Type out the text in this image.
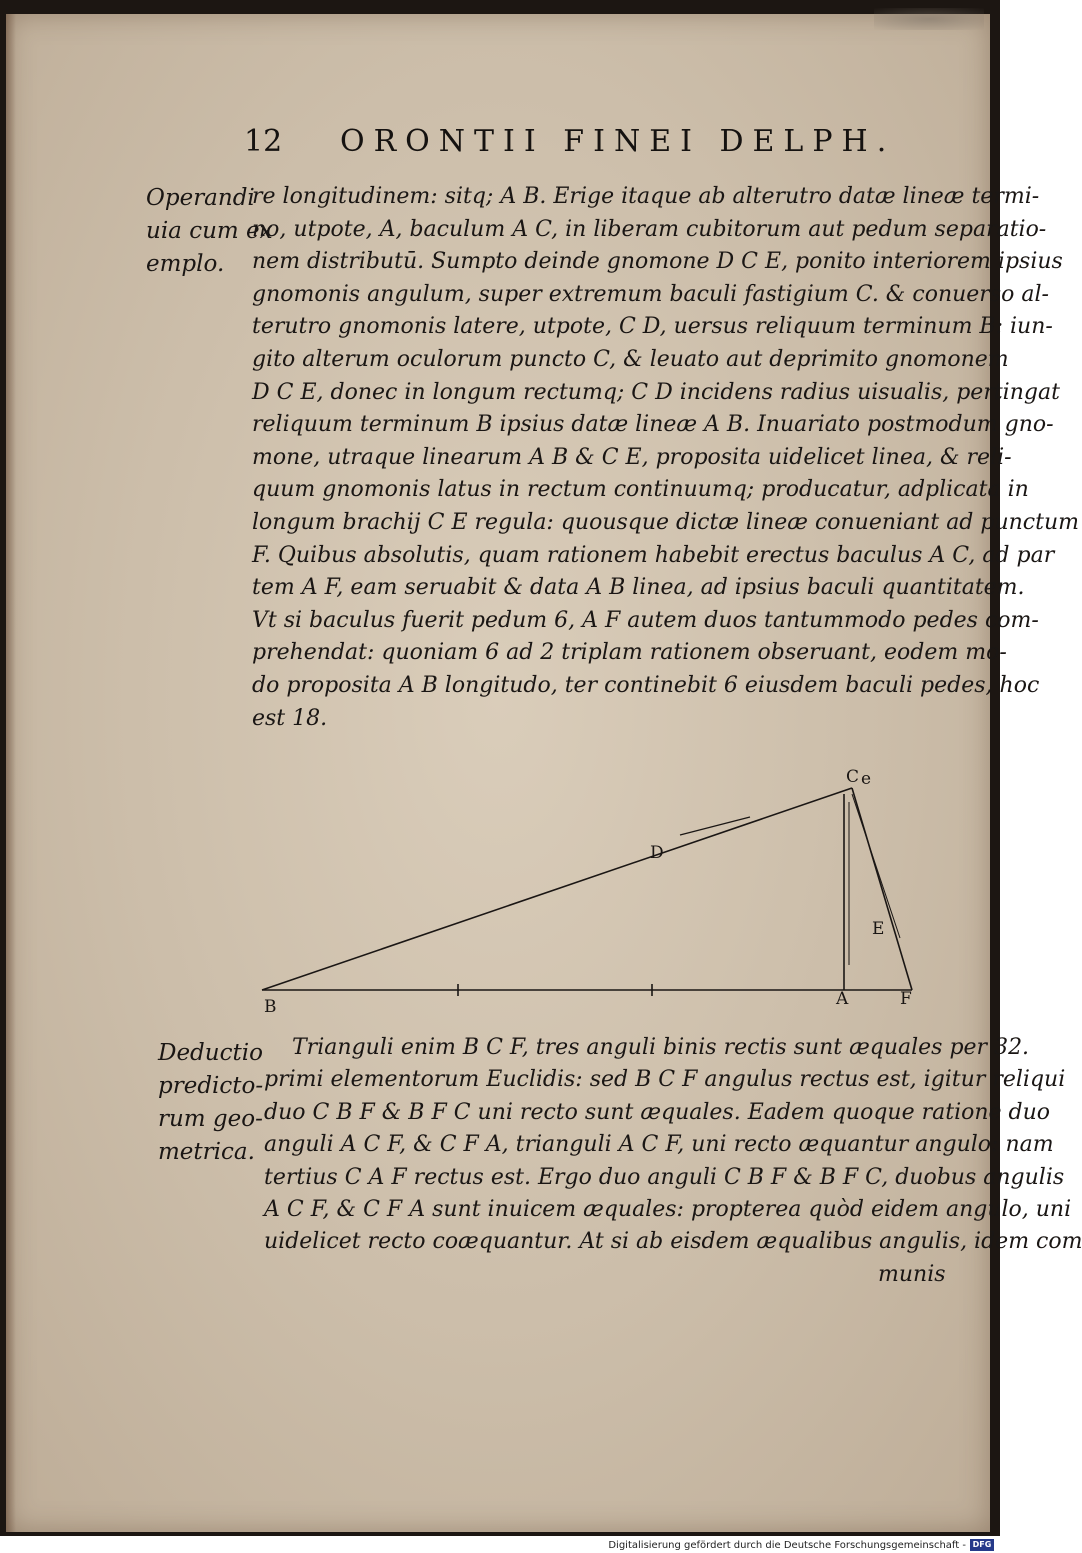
12 ORONTII FINEI DELPH.
Operandi
uia cum ex
emplo.
re longitudinem: sitq; A B. Erige itaque ab alterutro datæ lineæ termi-
no, utpote, A, baculum A C, in liberam cubitorum aut pedum separatio-
nem distributū. Sumpto deinde gnomone D C E, ponito interiorem ipsius
gnomonis angulum, super extremum baculi fastigium C. & conuerso al-
terutro gnomonis latere, utpote, C D, uersus reliquum terminum B: iun-
gito alterum oculorum puncto C, & leuato aut deprimito gnomonem
D C E, donec in longum rectumq; C D incidens radius uisualis, pertingat
reliquum terminum B ipsius datæ lineæ A B. Inuariato postmodum gno-
mone, utraque linearum A B & C E, proposita uidelicet linea, & reli-
quum gnomonis latus in rectum continuumq; producatur, adplicata in
longum brachij C E regula: quousque dictæ lineæ conueniant ad punctum
F. Quibus absolutis, quam rationem habebit erectus baculus A C, ad par
tem A F, eam seruabit & data A B linea, ad ipsius baculi quantitatem.
Vt si baculus fuerit pedum 6, A F autem duos tantummodo pedes com-
prehendat: quoniam 6 ad 2 triplam rationem obseruant, eodem mo-
do proposita A B longitudo, ter continebit 6 eiusdem baculi pedes, hoc
est 18.
C e
D
E
B	A	F
Deductio
predicto-
rum geo-
metrica.
Trianguli enim B C F, tres anguli binis rectis sunt æquales per 32.
primi elementorum Euclidis: sed B C F angulus rectus est, igitur reliqui
duo C B F & B F C uni recto sunt æquales. Eadem quoque ratione duo
anguli A C F, & C F A, trianguli A C F, uni recto æquantur angulo: nam
tertius C A F rectus est. Ergo duo anguli C B F & B F C, duobus angulis
A C F, & C F A sunt inuicem æquales: propterea quòd eidem angulo, uni
uidelicet recto coæquantur. At si ab eisdem æqualibus angulis, idem com
munis
Digitalisierung gefördert durch die Deutsche Forschungsgemeinschaft - DFG
